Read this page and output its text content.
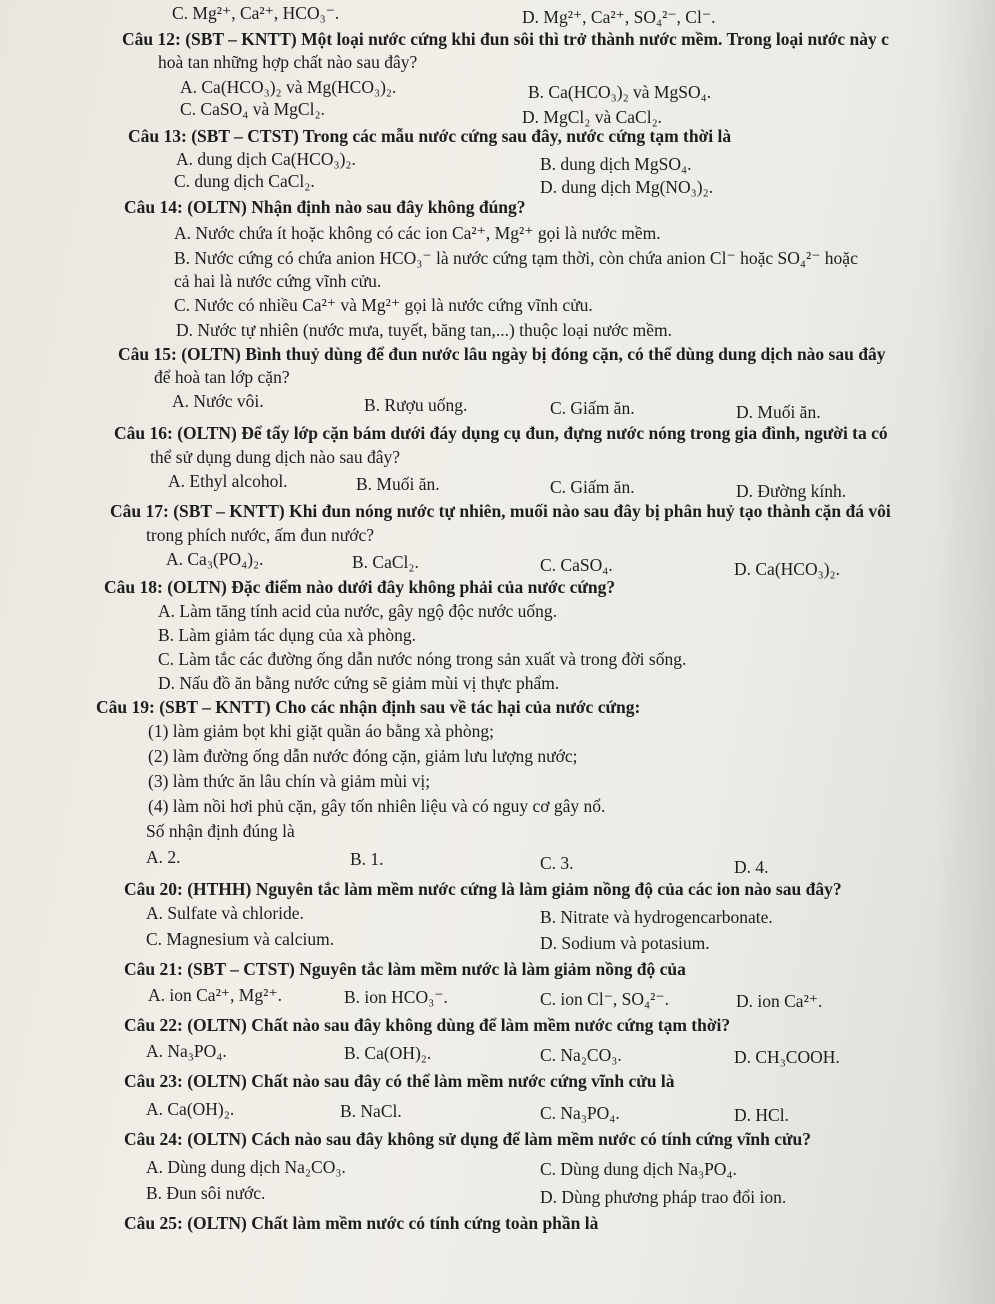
C. Mg²⁺, Ca²⁺, HCO₃⁻.	D. Mg²⁺, Ca²⁺, SO₄²⁻, Cl⁻.
Câu 12: (SBT – KNTT) Một loại nước cứng khi đun sôi thì trở thành nước mềm. Trong loại nước này c
hoà tan những hợp chất nào sau đây?
A. Ca(HCO₃)₂ và Mg(HCO₃)₂.	B. Ca(HCO₃)₂ và MgSO₄.
C. CaSO₄ và MgCl₂.	D. MgCl₂ và CaCl₂.
Câu 13: (SBT – CTST) Trong các mẫu nước cứng sau đây, nước cứng tạm thời là
A. dung dịch Ca(HCO₃)₂.	B. dung dịch MgSO₄.
C. dung dịch CaCl₂.	D. dung dịch Mg(NO₃)₂.
Câu 14: (OLTN) Nhận định nào sau đây không đúng?
A. Nước chứa ít hoặc không có các ion Ca²⁺, Mg²⁺ gọi là nước mềm.
B. Nước cứng có chứa anion HCO₃⁻ là nước cứng tạm thời, còn chứa anion Cl⁻ hoặc SO₄²⁻ hoặc
cả hai là nước cứng vĩnh cửu.
C. Nước có nhiều Ca²⁺ và Mg²⁺ gọi là nước cứng vĩnh cửu.
D. Nước tự nhiên (nước mưa, tuyết, băng tan,...) thuộc loại nước mềm.
Câu 15: (OLTN) Bình thuỷ dùng để đun nước lâu ngày bị đóng cặn, có thể dùng dung dịch nào sau đây
để hoà tan lớp cặn?
A. Nước vôi.	B. Rượu uống.	C. Giấm ăn.	D. Muối ăn.
Câu 16: (OLTN) Để tẩy lớp cặn bám dưới đáy dụng cụ đun, đựng nước nóng trong gia đình, người ta có
thể sử dụng dung dịch nào sau đây?
A. Ethyl alcohol.	B. Muối ăn.	C. Giấm ăn.	D. Đường kính.
Câu 17: (SBT – KNTT) Khi đun nóng nước tự nhiên, muối nào sau đây bị phân huỷ tạo thành cặn đá vôi
trong phích nước, ấm đun nước?
A. Ca₃(PO₄)₂.	B. CaCl₂.	C. CaSO₄.	D. Ca(HCO₃)₂.
Câu 18: (OLTN) Đặc điểm nào dưới đây không phải của nước cứng?
A. Làm tăng tính acid của nước, gây ngộ độc nước uống.
B. Làm giảm tác dụng của xà phòng.
C. Làm tắc các đường ống dẫn nước nóng trong sản xuất và trong đời sống.
D. Nấu đồ ăn bằng nước cứng sẽ giảm mùi vị thực phẩm.
Câu 19: (SBT – KNTT) Cho các nhận định sau về tác hại của nước cứng:
(1) làm giảm bọt khi giặt quần áo bằng xà phòng;
(2) làm đường ống dẫn nước đóng cặn, giảm lưu lượng nước;
(3) làm thức ăn lâu chín và giảm mùi vị;
(4) làm nồi hơi phủ cặn, gây tốn nhiên liệu và có nguy cơ gây nổ.
Số nhận định đúng là
A. 2.	B. 1.	C. 3.	D. 4.
Câu 20: (HTHH) Nguyên tắc làm mềm nước cứng là làm giảm nồng độ của các ion nào sau đây?
A. Sulfate và chloride.	B. Nitrate và hydrogencarbonate.
C. Magnesium và calcium.	D. Sodium và potasium.
Câu 21: (SBT – CTST) Nguyên tắc làm mềm nước là làm giảm nồng độ của
A. ion Ca²⁺, Mg²⁺.	B. ion HCO₃⁻.	C. ion Cl⁻, SO₄²⁻.	D. ion Ca²⁺.
Câu 22: (OLTN) Chất nào sau đây không dùng để làm mềm nước cứng tạm thời?
A. Na₃PO₄.	B. Ca(OH)₂.	C. Na₂CO₃.	D. CH₃COOH.
Câu 23: (OLTN) Chất nào sau đây có thể làm mềm nước cứng vĩnh cửu là
A. Ca(OH)₂.	B. NaCl.	C. Na₃PO₄.	D. HCl.
Câu 24: (OLTN) Cách nào sau đây không sử dụng để làm mềm nước có tính cứng vĩnh cửu?
A. Dùng dung dịch Na₂CO₃.	C. Dùng dung dịch Na₃PO₄.
B. Đun sôi nước.	D. Dùng phương pháp trao đổi ion.
Câu 25: (OLTN) Chất làm mềm nước có tính cứng toàn phần là
